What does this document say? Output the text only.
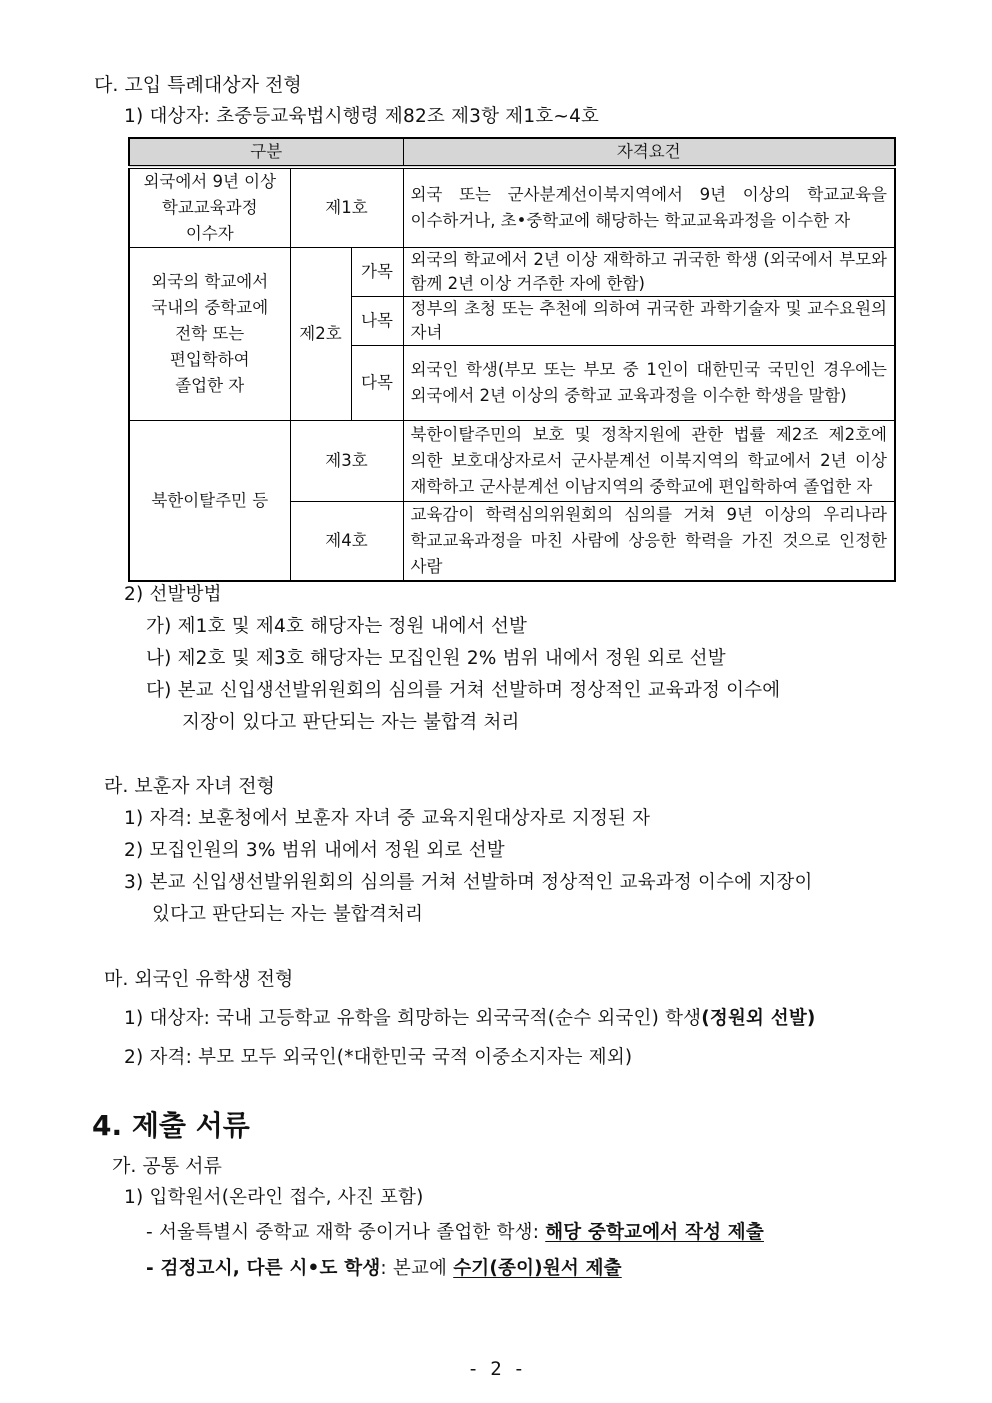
다. 고입 특례대상자 전형
1) 대상자: 초중등교육법시행령 제82조 제3항 제1호~4호
구분			자격요건

외국에서 9년 이상
학교교육과정
이수자	제1호		외국 또는 군사분계선이북지역에서 9년 이상의 학교교육을 이수하거나, 초•중학교에 해당하는 학교교육과정을 이수한 자

외국의 학교에서
국내의 중학교에
전학 또는
편입학하여
졸업한 자	제2호	가목	외국의 학교에서 2년 이상 재학하고 귀국한 학생 (외국에서 부모와 함께 2년 이상 거주한 자에 한함)
		나목	정부의 초청 또는 추천에 의하여 귀국한 과학기술자 및 교수요원의 자녀
		다목	외국인 학생(부모 또는 부모 중 1인이 대한민국 국민인 경우에는 외국에서 2년 이상의 중학교 교육과정을 이수한 학생을 말함)
북한이탈주민 등	제3호		북한이탈주민의 보호 및 정착지원에 관한 법률 제2조 제2호에 의한 보호대상자로서 군사분계선 이북지역의 학교에서 2년 이상 재학하고 군사분계선 이남지역의 중학교에 편입학하여 졸업한 자
	제4호		교육감이 학력심의위원회의 심의를 거쳐 9년 이상의 우리나라 학교교육과정을 마친 사람에 상응한 학력을 가진 것으로 인정한 사람
2) 선발방법
가) 제1호 및 제4호 해당자는 정원 내에서 선발
나) 제2호 및 제3호 해당자는 모집인원 2% 범위 내에서 정원 외로 선발
다) 본교 신입생선발위원회의 심의를 거쳐 선발하며 정상적인 교육과정 이수에
지장이 있다고 판단되는 자는 불합격 처리
라. 보훈자 자녀 전형
1) 자격: 보훈청에서 보훈자 자녀 중 교육지원대상자로 지정된 자
2) 모집인원의 3% 범위 내에서 정원 외로 선발
3) 본교 신입생선발위원회의 심의를 거쳐 선발하며 정상적인 교육과정 이수에 지장이
있다고 판단되는 자는 불합격처리
마. 외국인 유학생 전형
1) 대상자: 국내 고등학교 유학을 희망하는 외국국적(순수 외국인) 학생(정원외 선발)
2) 자격: 부모 모두 외국인(*대한민국 국적 이중소지자는 제외)
4. 제출 서류
가. 공통 서류
1) 입학원서(온라인 접수, 사진 포함)
- 서울특별시 중학교 재학 중이거나 졸업한 학생: 해당 중학교에서 작성 제출
- 검정고시, 다른 시•도 학생: 본교에 수기(종이)원서 제출
- 2 -
